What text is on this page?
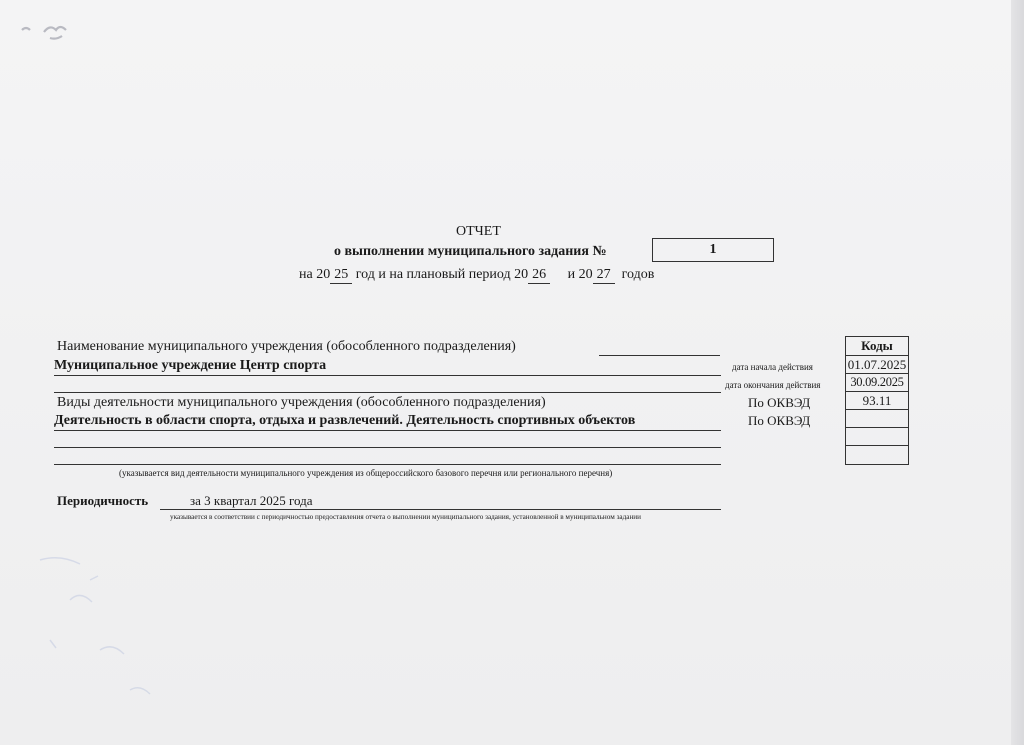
ОТЧЕТ
о выполнении муниципального задания №	1
на 20 25 год и на плановый период 20 26 и 20 27 годов
Наименование муниципального учреждения (обособленного подразделения)
Муниципальное учреждение Центр спорта
Виды деятельности муниципального учреждения (обособленного подразделения)
Деятельность в области спорта, отдыха и развлечений. Деятельность спортивных объектов
(указывается вид деятельности муниципального учреждения из общероссийского базового перечня или регионального перечня)
Периодичность	за 3 квартал 2025 года
указывается в соответствии с периодичностью предоставления отчета о выполнении муниципального задания, установленной в муниципальном задании
дата начала действия
дата окончания действия
По ОКВЭД
По ОКВЭД
Коды
01.07.2025
30.09.2025
93.11
